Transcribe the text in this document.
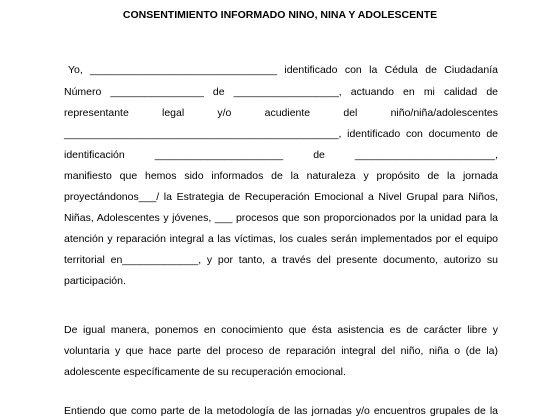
CONSENTIMIENTO INFORMADO NINO, NINA Y ADOLESCENTE
Yo, ________________________________ identificado con la Cédula de Ciudadanía
Número ________________ de __________________, actuando en mi calidad de
representante legal y/o acudiente del niño/niña/adolescentes
_______________________________________________, identificado con documento de
identificación ______________________ de ________________________,
manifiesto que hemos sido informados de la naturaleza y propósito de la jornada
proyectándonos___/ la Estrategia de Recuperación Emocional a Nivel Grupal para Niños,
Niñas, Adolescentes y jóvenes, ___ procesos que son proporcionados por la unidad para la
atención y reparación integral a las víctimas, los cuales serán implementados por el equipo
territorial en_____________, y por tanto, a través del presente documento, autorizo su
participación.
De igual manera, ponemos en conocimiento que ésta asistencia es de carácter libre y
voluntaria y que hace parte del proceso de reparación integral del niño, niña o (de la)
adolescente específicamente de su recuperación emocional.
Entiendo que como parte de la metodología de las jornadas y/o encuentros grupales de la
